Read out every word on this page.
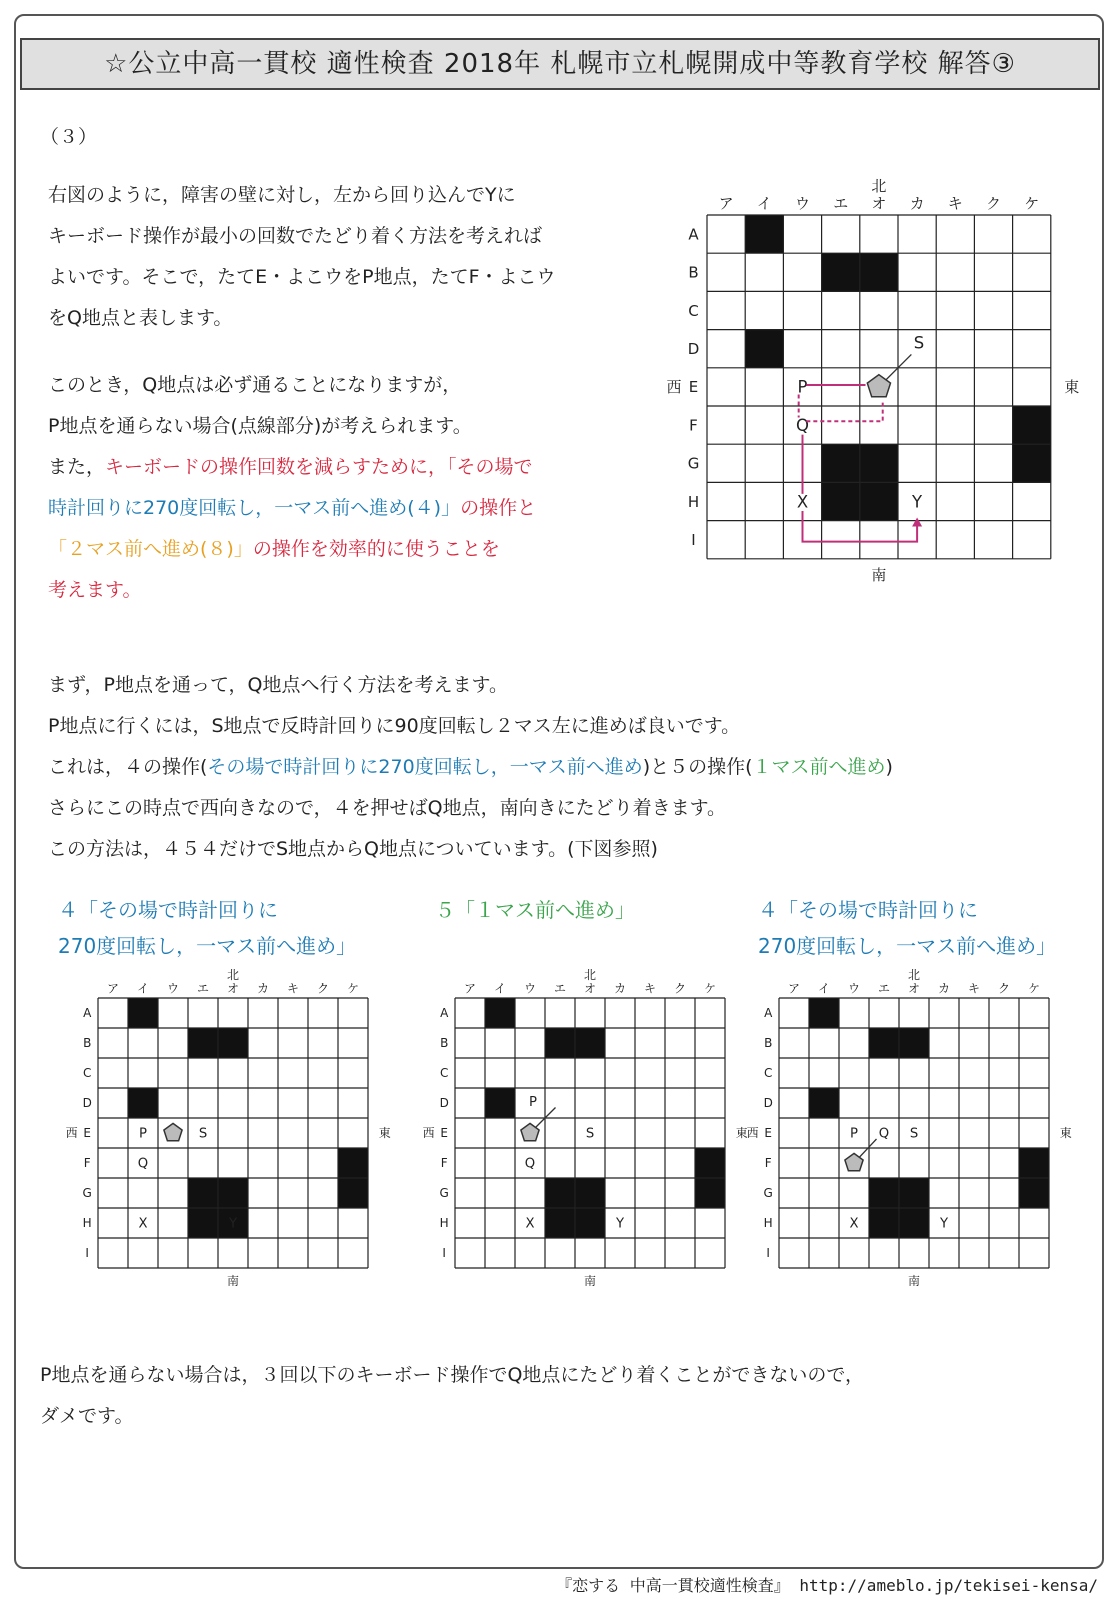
☆公立中高一貫校 適性検査 2018年 札幌市立札幌開成中等教育学校 解答③
（３）
右図のように，障害の壁に対し，左から回り込んでYに
キーボード操作が最小の回数でたどり着く方法を考えれば
よいです。そこで，たてE・よこウをP地点，たてF・よこウ
をQ地点と表します。
このとき，Q地点は必ず通ることになりますが，
P地点を通らない場合(点線部分)が考えられます。
また，キーボードの操作回数を減らすために，「その場で
時計回りに270度回転し，一マス前へ進め(４)」の操作と
「２マス前へ進め(８)」の操作を効率的に使うことを
考えます。
まず，P地点を通って，Q地点へ行く方法を考えます。
P地点に行くには，S地点で反時計回りに90度回転し２マス左に進めば良いです。
これは，４の操作(その場で時計回りに270度回転し，一マス前へ進め)と５の操作(１マス前へ進め)
さらにこの時点で西向きなので，４を押せばQ地点，南向きにたどり着きます。
この方法は，４５４だけでS地点からQ地点についています。(下図参照)
４「その場で時計回りに
270度回転し，一マス前へ進め」
５「１マス前へ進め」	４「その場で時計回りに
270度回転し，一マス前へ進め」
P地点を通らない場合は，３回以下のキーボード操作でQ地点にたどり着くことができないので，
ダメです。
『恋する 中高一貫校適性検査』 http://ameblo.jp/tekisei-kensa/
ア イ ウ エ オ カ キ ク ケ
A
B
C
D
E
F
G
H
I
北
南
西	東
P
Q
X	Y
S
ア イ ウ エ オ カ キ ク ケ
A
B
C
D
E
F
G
H
I
北
南
西	東
P	S
Q
X	Y
ア イ ウ エ オ カ キ ク ケ
A
B
C
D
E
F
G
H
I
北
南
西	東
P
S
Q
X	Y
ア イ ウ エ オ カ キ ク ケ
A
B
C
D
E
F
G
H
I
北
南
西	東
P Q S
X	Y
